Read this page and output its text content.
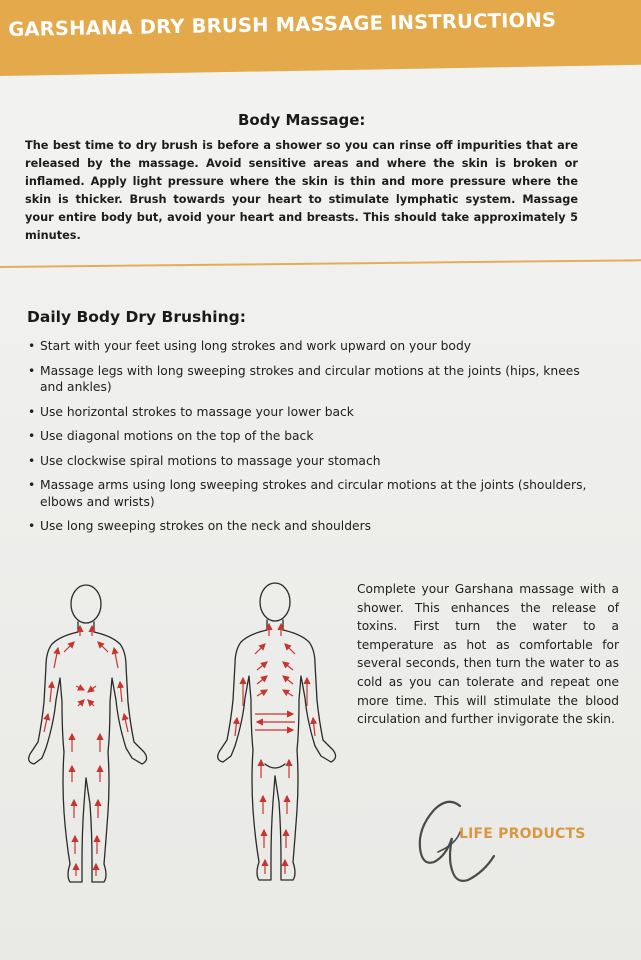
GARSHANA DRY BRUSH MASSAGE INSTRUCTIONS
Body Massage:
The best time to dry brush is before a shower so you can rinse off impurities that are released by the massage. Avoid sensitive areas and where the skin is broken or inflamed. Apply light pressure where the skin is thin and more pressure where the skin is thicker. Brush towards your heart to stimulate lymphatic system. Massage your entire body but, avoid your heart and breasts. This should take approximately 5 minutes.
Daily Body Dry Brushing:
• Start with your feet using long strokes and work upward on your body
• Massage legs with long sweeping strokes and circular motions at the joints (hips, knees and ankles)
• Use horizontal strokes to massage your lower back
• Use diagonal motions on the top of the back
• Use clockwise spiral motions to massage your stomach
• Massage arms using long sweeping strokes and circular motions at the joints (shoulders, elbows and wrists)
• Use long sweeping strokes on the neck and shoulders
Complete your Garshana massage with a shower. This enhances the release of toxins. First turn the water to a temperature as hot as comfortable for several seconds, then turn the water to as cold as you can tolerate and repeat one more time. This will stimulate the blood circulation and further invigorate the skin.
LIFE PRODUCTS
